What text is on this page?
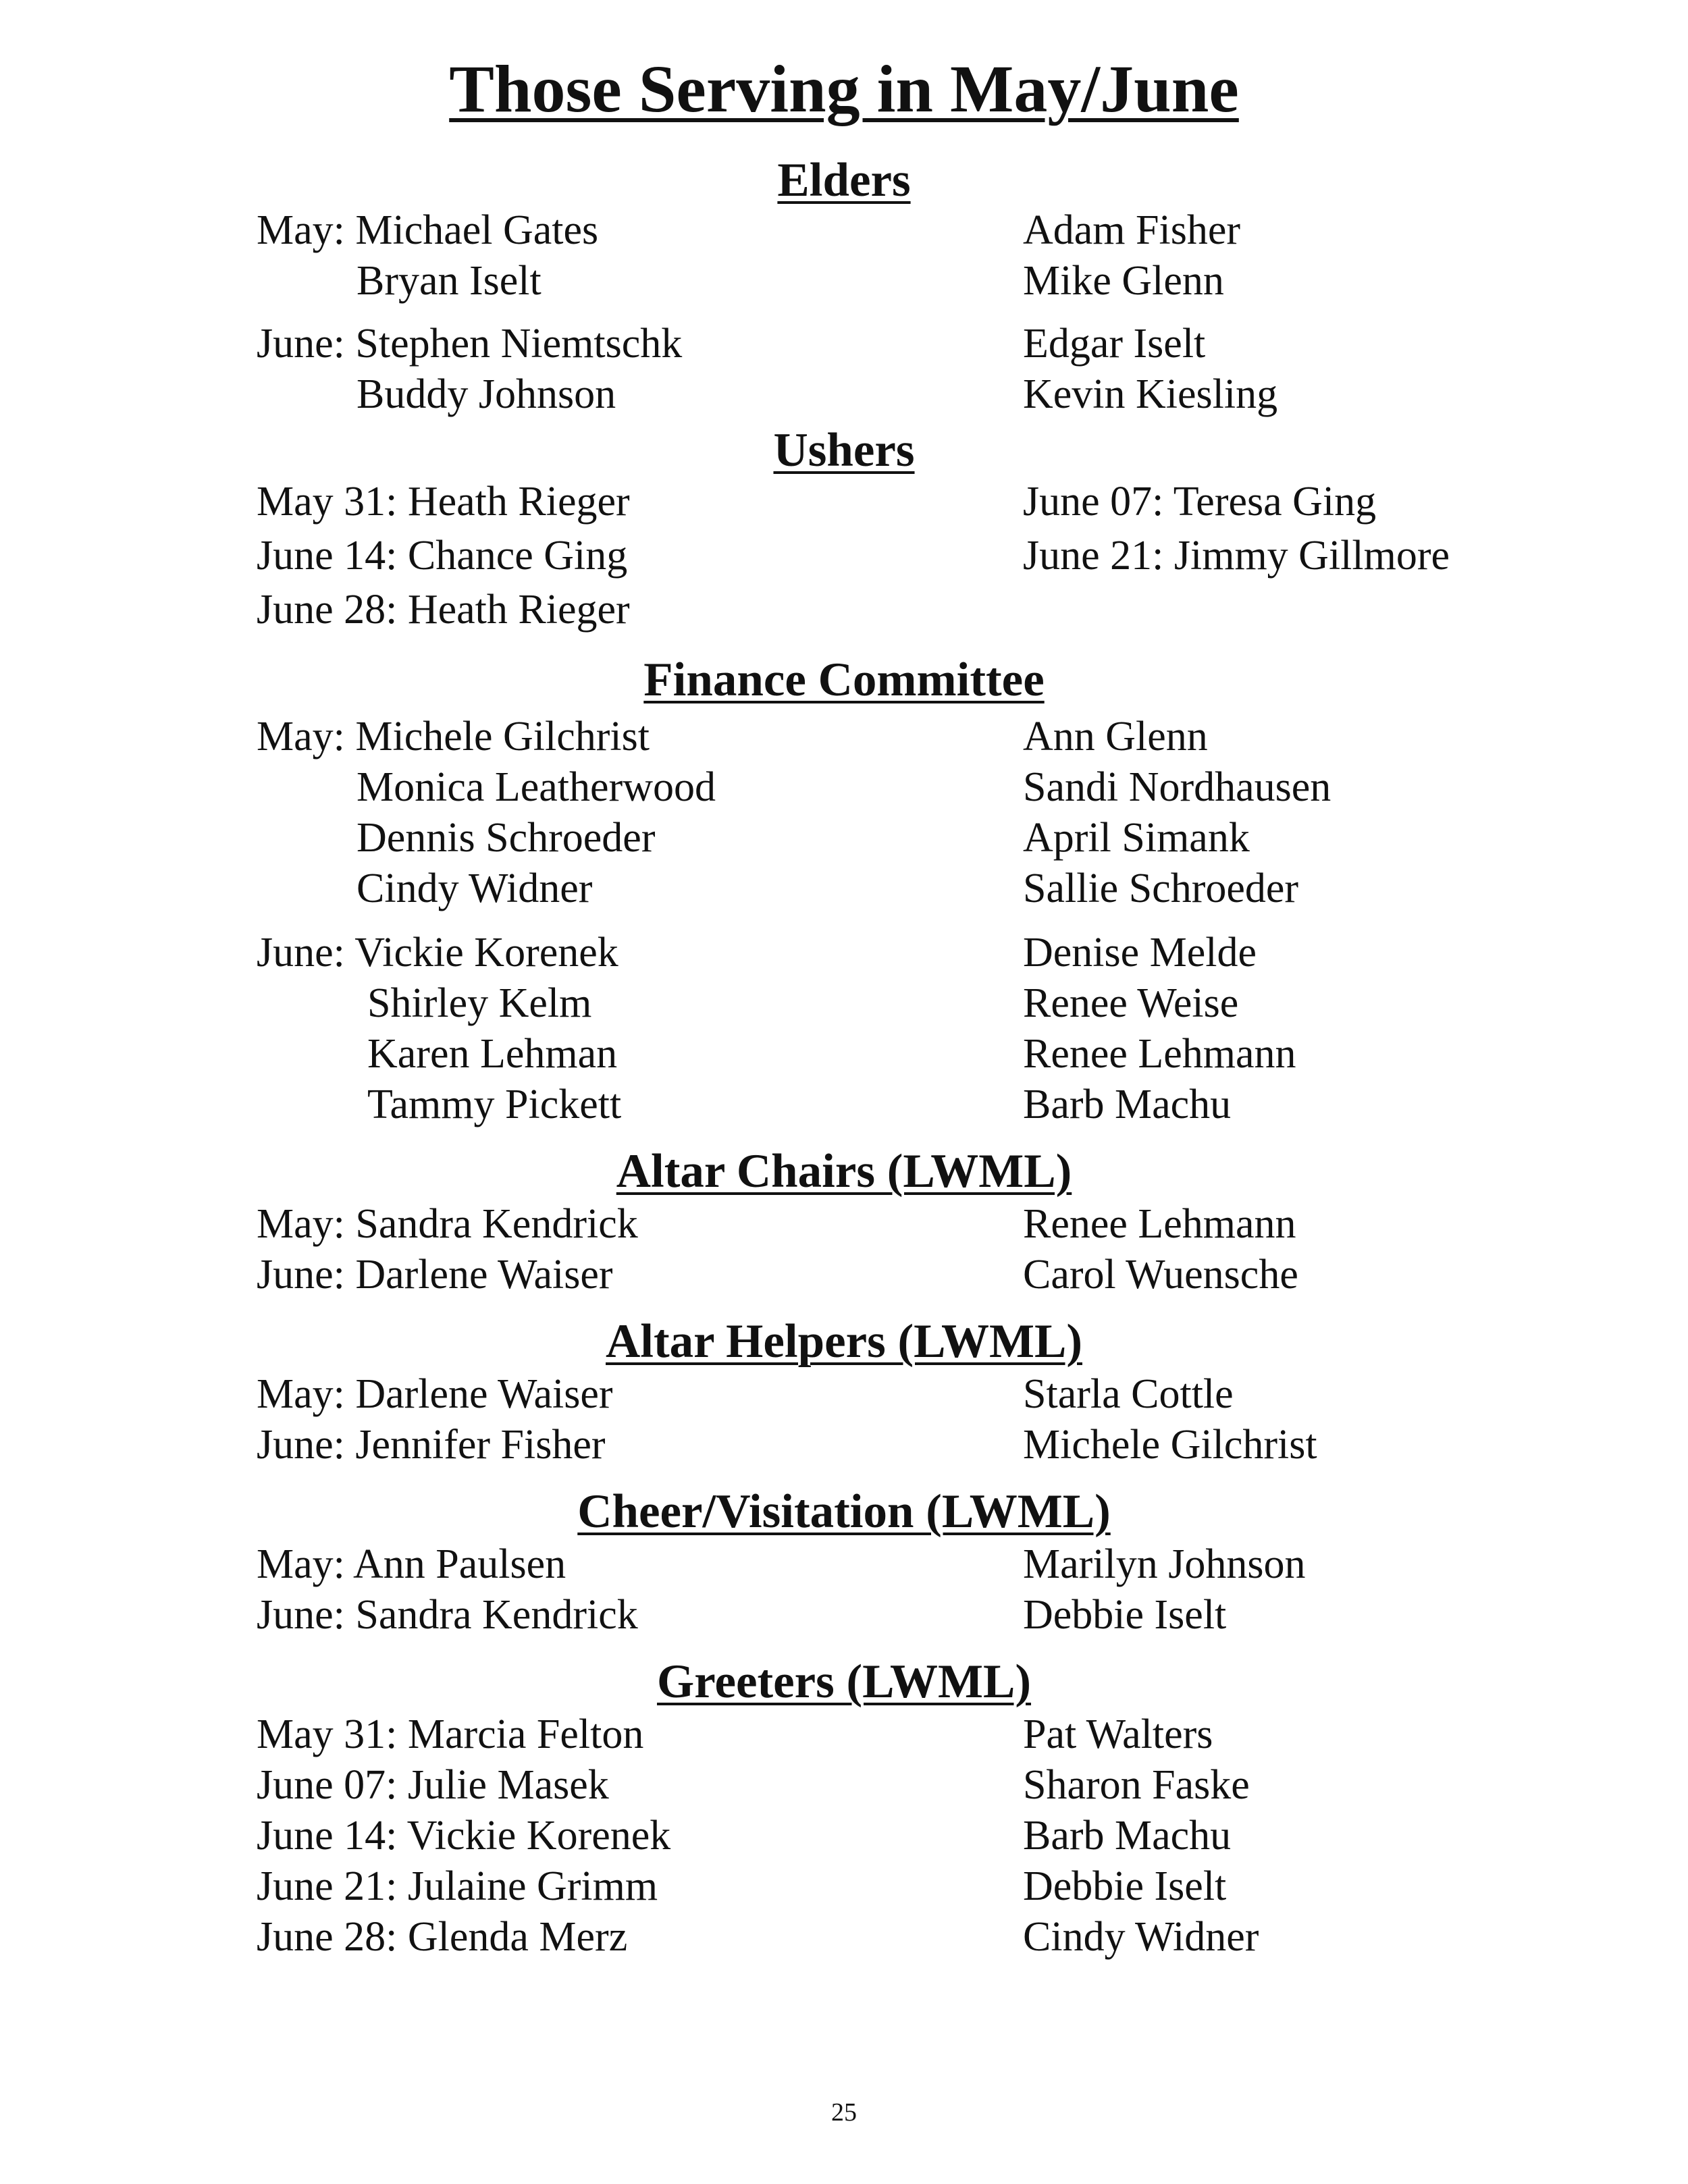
Those Serving in May/June
Elders
May: Michael Gates
Bryan Iselt
Adam Fisher
Mike Glenn
June: Stephen Niemtschk
Buddy Johnson
Edgar Iselt
Kevin Kiesling
Ushers
May 31: Heath Rieger
June 14: Chance Ging
June 28: Heath Rieger
June 07: Teresa Ging
June 21: Jimmy Gillmore
Finance Committee
May: Michele Gilchrist
Monica Leatherwood
Dennis Schroeder
Cindy Widner
Ann Glenn
Sandi Nordhausen
April Simank
Sallie Schroeder
June: Vickie Korenek
Shirley Kelm
Karen Lehman
Tammy Pickett
Denise Melde
Renee Weise
Renee Lehmann
Barb Machu
Altar Chairs (LWML)
May: Sandra Kendrick
June: Darlene Waiser
Renee Lehmann
Carol Wuensche
Altar Helpers (LWML)
May: Darlene Waiser
June: Jennifer Fisher
Starla Cottle
Michele Gilchrist
Cheer/Visitation (LWML)
May: Ann Paulsen
June: Sandra Kendrick
Marilyn Johnson
Debbie Iselt
Greeters (LWML)
May 31: Marcia Felton
June 07: Julie Masek
June 14: Vickie Korenek
June 21: Julaine Grimm
June 28: Glenda Merz
Pat Walters
Sharon Faske
Barb Machu
Debbie Iselt
Cindy Widner
25
